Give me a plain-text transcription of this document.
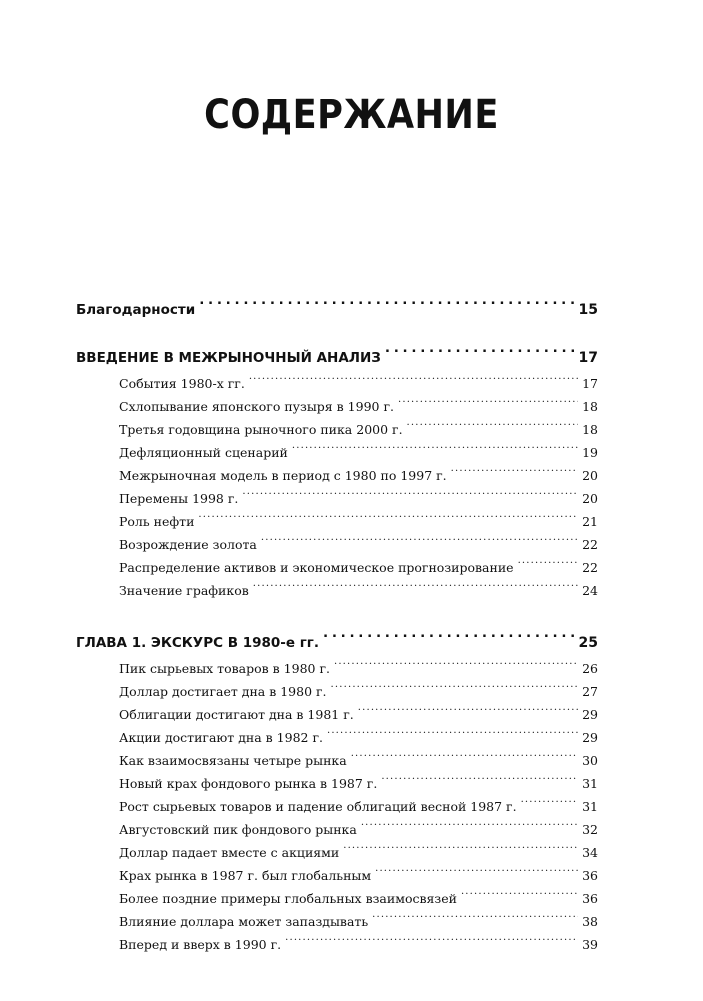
СОДЕРЖАНИЕ
Благодарности . . .	15
ВВЕДЕНИЕ В МЕЖРЫНОЧНЫЙ АНАЛИЗ . . .	17
События 1980-х гг. . . .	17
Схлопывание японского пузыря в 1990 г. . . .	18
Третья годовщина рыночного пика 2000 г. . . .	18
Дефляционный сценарий . . .	19
Межрыночная модель в период с 1980 по 1997 г. . . .	20
Перемены 1998 г. . . .	20
Роль нефти . . .	21
Возрождение золота . . .	22
Распределение активов и экономическое прогнозирование . . .	22
Значение графиков . . .	24
ГЛАВА 1. ЭКСКУРС В 1980-е гг. . . .	25
Пик сырьевых товаров в 1980 г. . . .	26
Доллар достигает дна в 1980 г. . . .	27
Облигации достигают дна в 1981 г. . . .	29
Акции достигают дна в 1982 г. . . .	29
Как взаимосвязаны четыре рынка . . .	30
Новый крах фондового рынка в 1987 г. . . .	31
Рост сырьевых товаров и падение облигаций весной 1987 г. . . .	31
Августовский пик фондового рынка . . .	32
Доллар падает вместе с акциями . . .	34
Крах рынка в 1987 г. был глобальным . . .	36
Более поздние примеры глобальных взаимосвязей . . .	36
Влияние доллара может запаздывать . . .	38
Вперед и вверх в 1990 г. . . .	39
